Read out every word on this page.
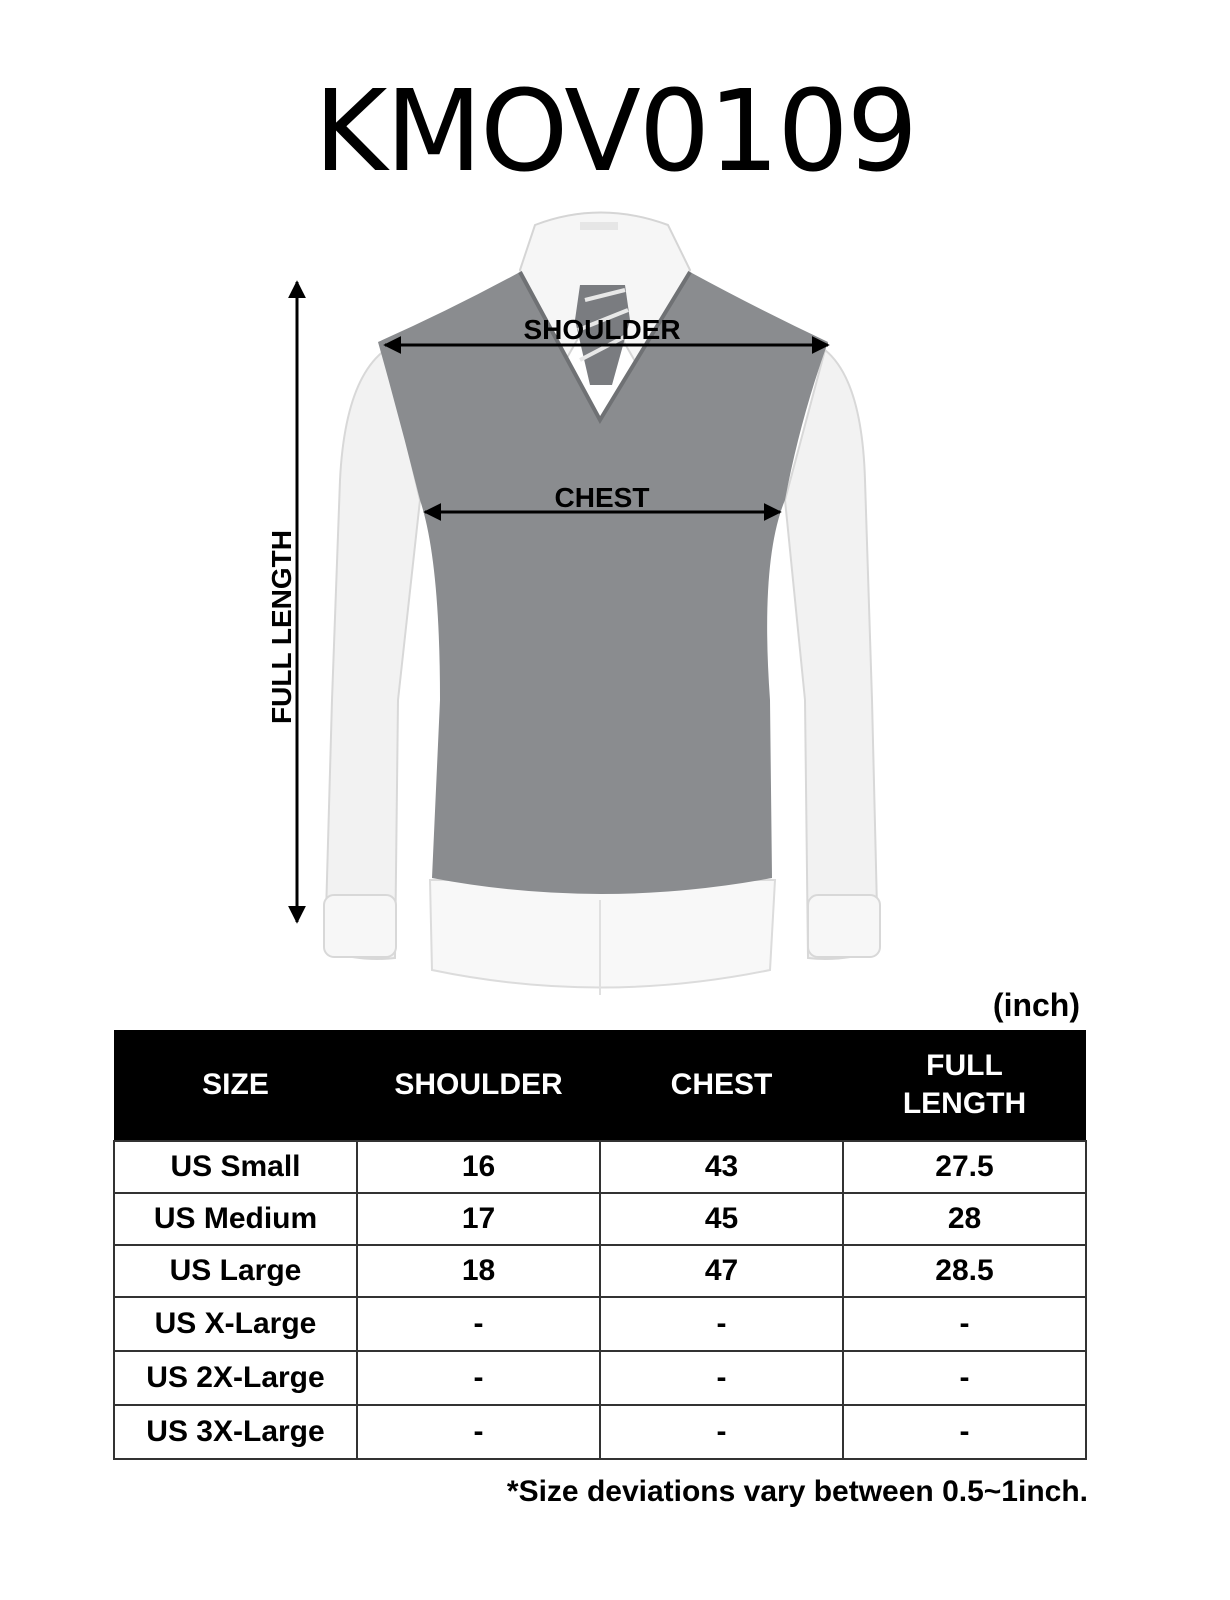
KMOV0109
SHOULDER
CHEST
FULL LENGTH
(inch)
SIZE	SHOULDER	CHEST	FULL LENGTH
US Small	16	43	27.5
US Medium	17	45	28
US Large	18	47	28.5
US X-Large	-	-	-
US 2X-Large	-	-	-
US 3X-Large	-	-	-
*Size deviations vary between 0.5~1inch.
